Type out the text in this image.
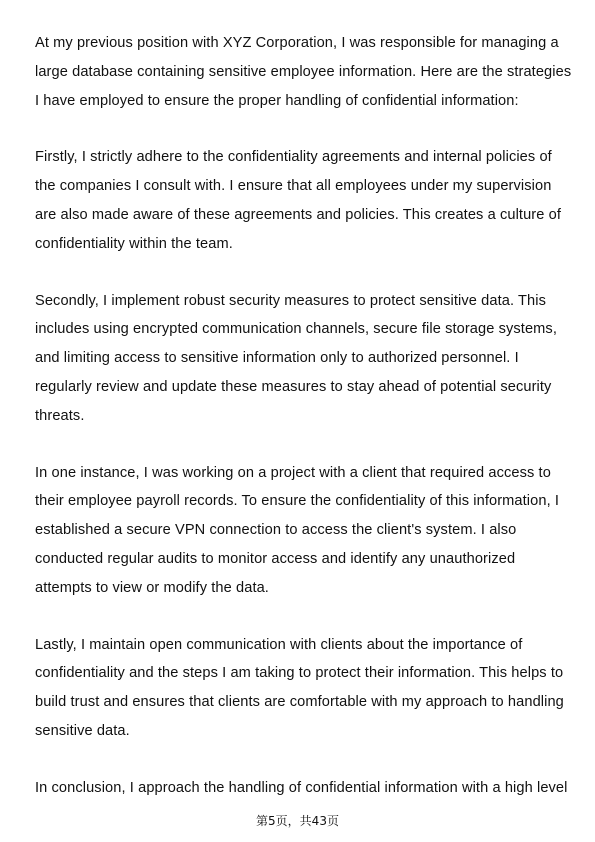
At my previous position with XYZ Corporation, I was responsible for managing a
large database containing sensitive employee information. Here are the strategies
I have employed to ensure the proper handling of confidential information:

Firstly, I strictly adhere to the confidentiality agreements and internal policies of
the companies I consult with. I ensure that all employees under my supervision
are also made aware of these agreements and policies. This creates a culture of
confidentiality within the team.

Secondly, I implement robust security measures to protect sensitive data. This
includes using encrypted communication channels, secure file storage systems,
and limiting access to sensitive information only to authorized personnel. I
regularly review and update these measures to stay ahead of potential security
threats.

In one instance, I was working on a project with a client that required access to
their employee payroll records. To ensure the confidentiality of this information, I
established a secure VPN connection to access the client's system. I also
conducted regular audits to monitor access and identify any unauthorized
attempts to view or modify the data.

Lastly, I maintain open communication with clients about the importance of
confidentiality and the steps I am taking to protect their information. This helps to
build trust and ensures that clients are comfortable with my approach to handling
sensitive data.

In conclusion, I approach the handling of confidential information with a high level

第5页，共43页
